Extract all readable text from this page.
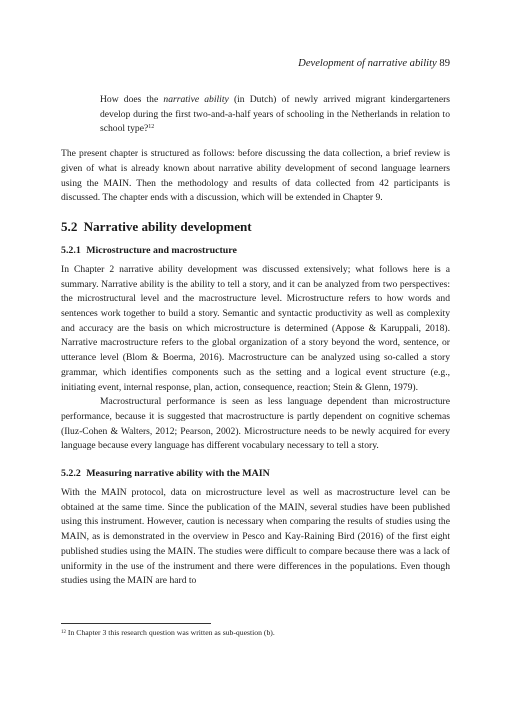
Development of narrative ability 89

How does the narrative ability (in Dutch) of newly arrived migrant kindergarteners develop during the first two-and-a-half years of schooling in the Netherlands in relation to school type?$^{12}$

The present chapter is structured as follows: before discussing the data collection, a brief review is given of what is already known about narrative ability development of second language learners using the MAIN. Then the methodology and results of data collected from 42 participants is discussed. The chapter ends with a discussion, which will be extended in Chapter 9.

5.2 Narrative ability development
5.2.1 Microstructure and macrostructure

In Chapter 2 narrative ability development was discussed extensively; what follows here is a summary. Narrative ability is the ability to tell a story, and it can be analyzed from two perspectives: the microstructural level and the macrostructure level. Microstructure refers to how words and sentences work together to build a story. Semantic and syntactic productivity as well as complexity and accuracy are the basis on which microstructure is determined (Appose & Karuppali, 2018). Narrative macrostructure refers to the global organization of a story beyond the word, sentence, or utterance level (Blom & Boerma, 2016). Macrostructure can be analyzed using so-called a story grammar, which identifies components such as the setting and a logical event structure (e.g., initiating event, internal response, plan, action, consequence, reaction; Stein & Glenn, 1979).

Macrostructural performance is seen as less language dependent than microstructure performance, because it is suggested that macrostructure is partly dependent on cognitive schemas (Iluz-Cohen & Walters, 2012; Pearson, 2002). Microstructure needs to be newly acquired for every language because every language has different vocabulary necessary to tell a story.

5.2.2 Measuring narrative ability with the MAIN

With the MAIN protocol, data on microstructure level as well as macrostructure level can be obtained at the same time. Since the publication of the MAIN, several studies have been published using this instrument. However, caution is necessary when comparing the results of studies using the MAIN, as is demonstrated in the overview in Pesco and Kay-Raining Bird (2016) of the first eight published studies using the MAIN. The studies were difficult to compare because there was a lack of uniformity in the use of the instrument and there were differences in the populations. Even though studies using the MAIN are hard to

$^{12}$ In Chapter 3 this research question was written as sub-question (b).
